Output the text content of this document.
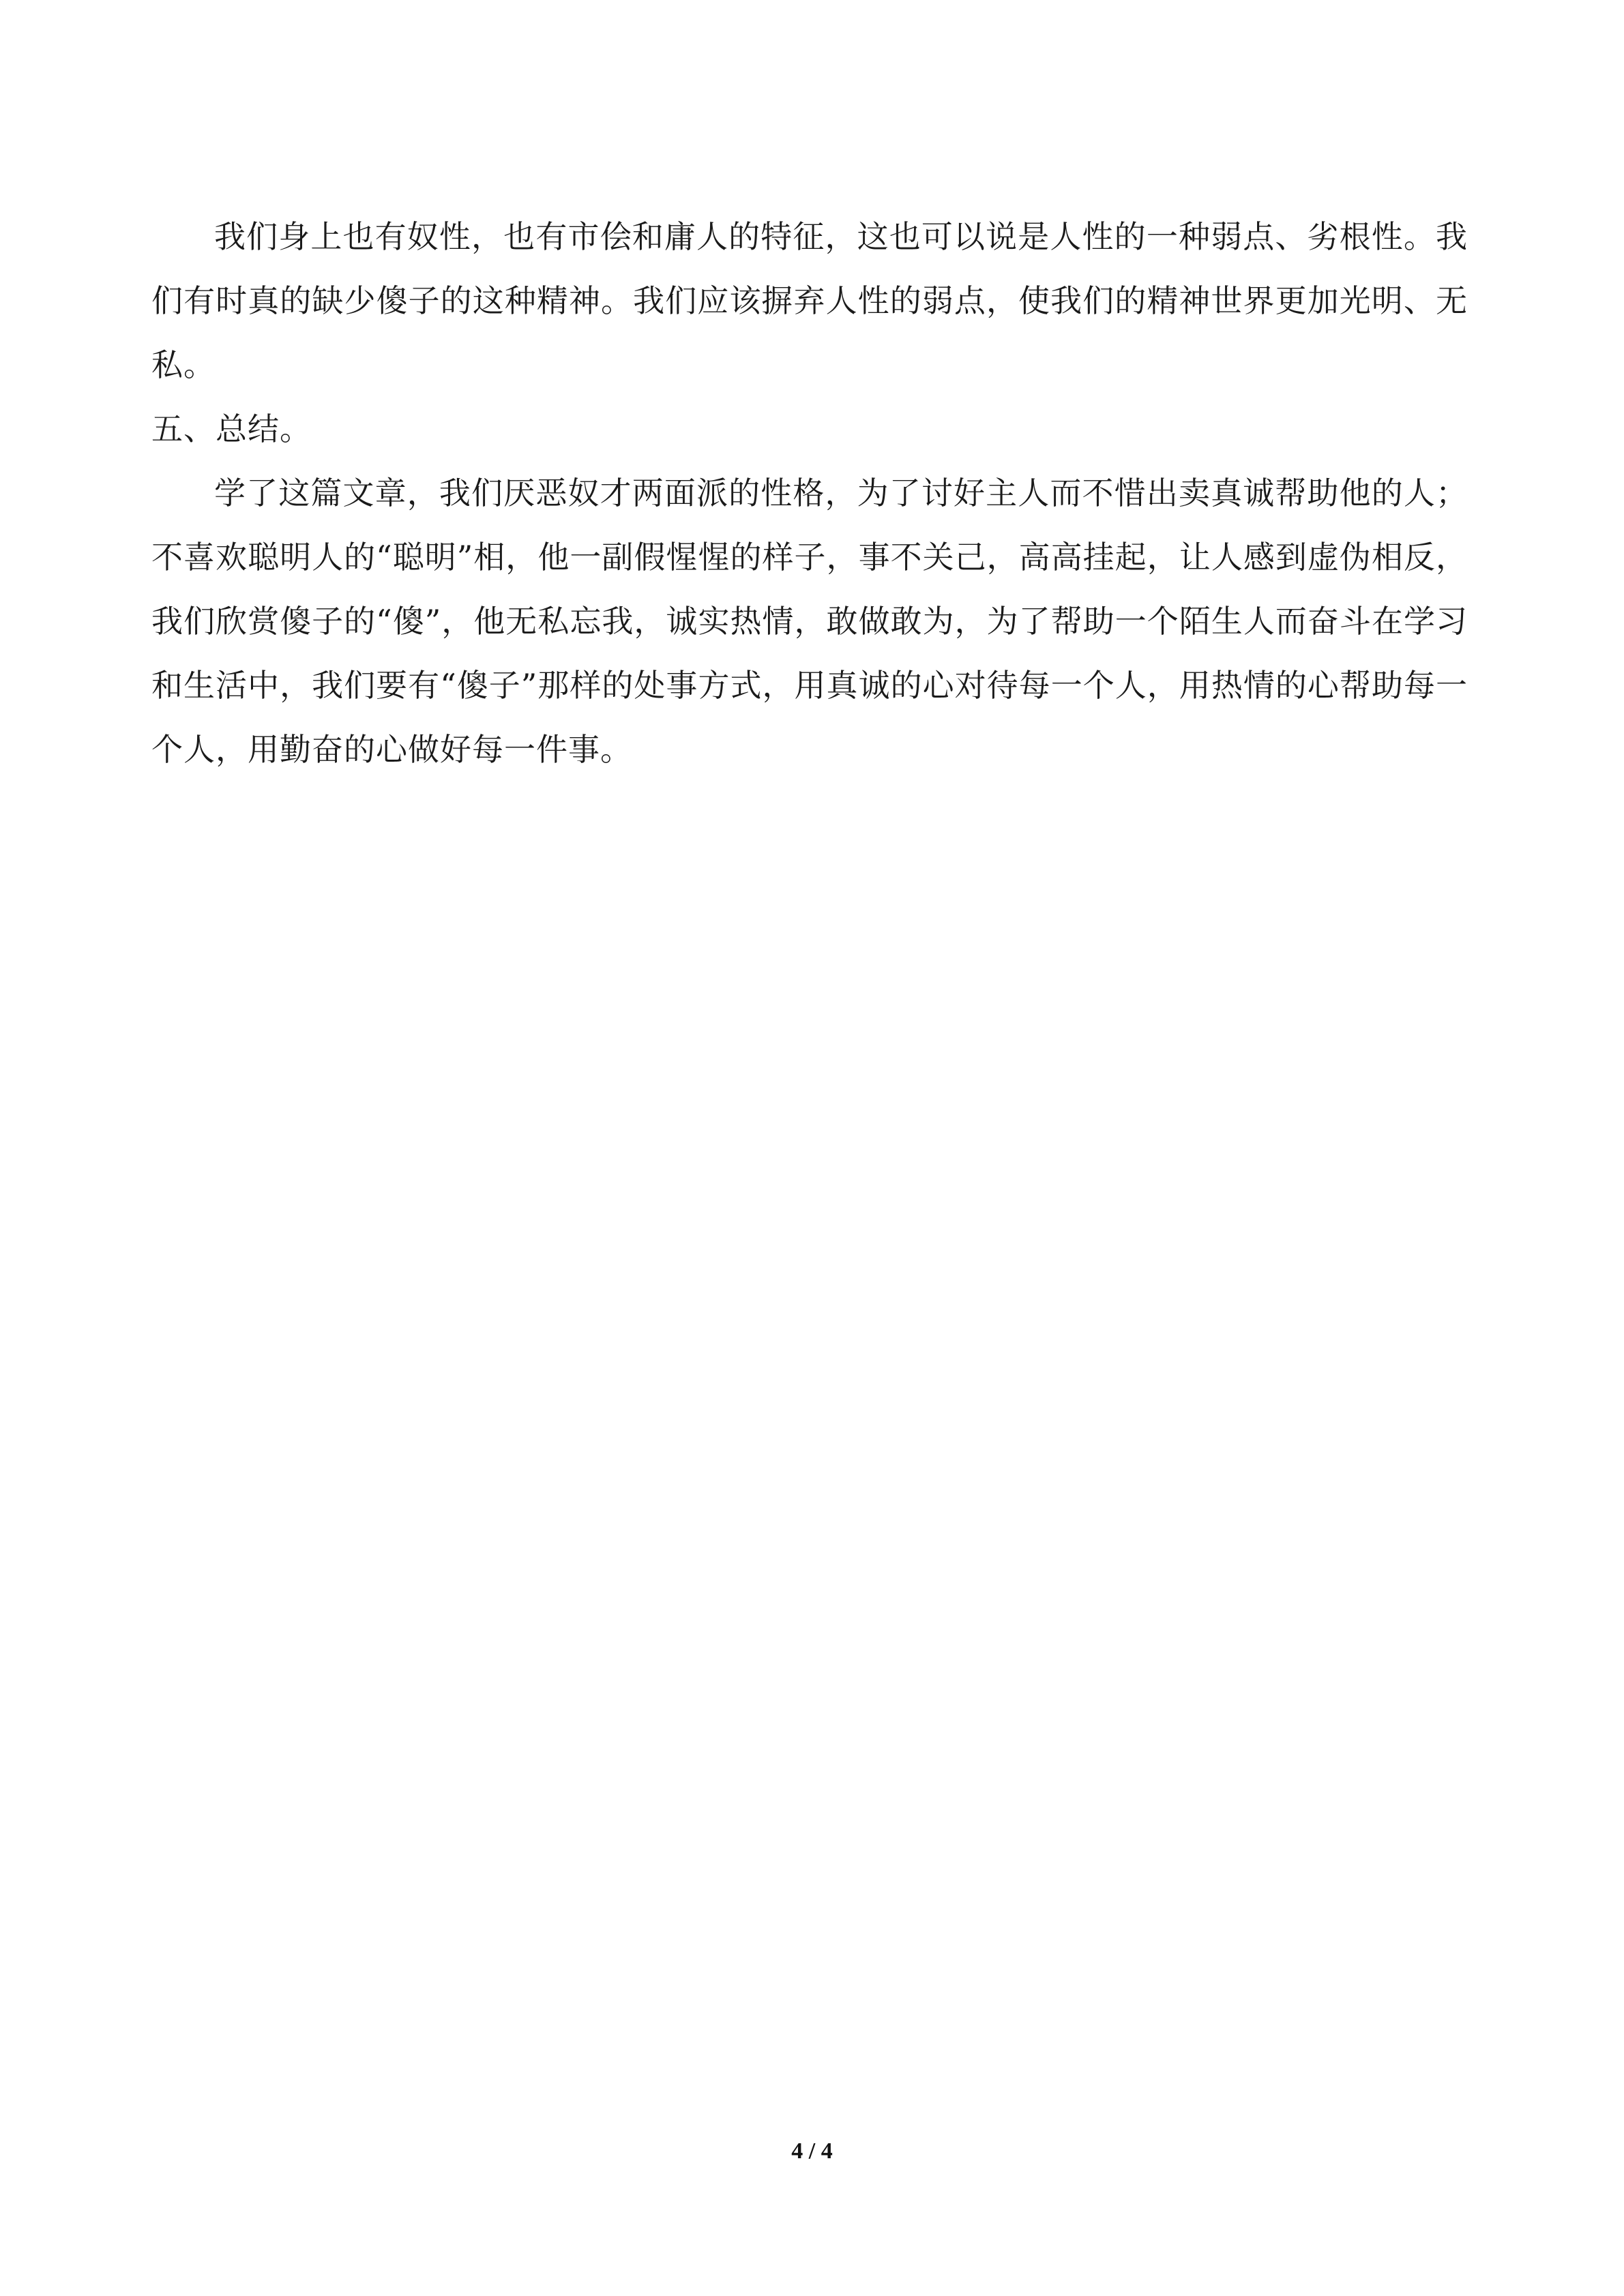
我们身上也有奴性，也有市侩和庸人的特征，这也可以说是人性的一种弱点、劣根性。我们有时真的缺少傻子的这种精神。我们应该摒弃人性的弱点，使我们的精神世界更加光明、无私。

五、总结。

学了这篇文章，我们厌恶奴才两面派的性格，为了讨好主人而不惜出卖真诚帮助他的人；不喜欢聪明人的“聪明”相，他一副假惺惺的样子，事不关己，高高挂起，让人感到虚伪相反，我们欣赏傻子的“傻”，他无私忘我，诚实热情，敢做敢为，为了帮助一个陌生人而奋斗在学习和生活中，我们要有“傻子”那样的处事方式，用真诚的心对待每一个人，用热情的心帮助每一个人，用勤奋的心做好每一件事。

4 / 4
